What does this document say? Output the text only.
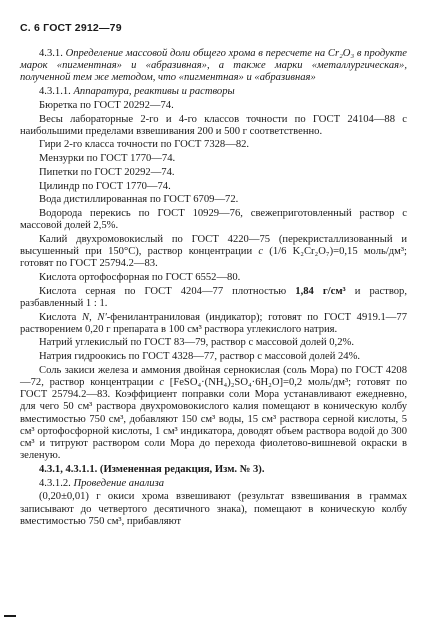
С. 6 ГОСТ 2912—79

4.3.1. Определение массовой доли общего хрома в пересчете на Cr₂O₃ в продукте марок «пигментная» и «абразивная», а также марки «металлургическая», полученной тем же методом, что «пигментная» и «абразивная»

4.3.1.1. Аппаратура, реактивы и растворы

Бюретка по ГОСТ 20292—74.

Весы лабораторные 2-го и 4-го классов точности по ГОСТ 24104—88 с наибольшими пределами взвешивания 200 и 500 г соответственно.

Гири 2-го класса точности по ГОСТ 7328—82.

Мензурки по ГОСТ 1770—74.

Пипетки по ГОСТ 20292—74.

Цилиндр по ГОСТ 1770—74.

Вода дистиллированная по ГОСТ 6709—72.

Водорода перекись по ГОСТ 10929—76, свежеприготовленный раствор с массовой долей 2,5%.

Калий двухромовокислый по ГОСТ 4220—75 (перекристаллизованный и высушенный при 150°С), раствор концентрации с (1/6 K₂Cr₂O₇)=0,15 моль/дм³; готовят по ГОСТ 25794.2—83.

Кислота ортофосфорная по ГОСТ 6552—80.

Кислота серная по ГОСТ 4204—77 плотностью 1,84 г/см³ и раствор, разбавленный 1 : 1.

Кислота N, N'-фенилантраниловая (индикатор); готовят по ГОСТ 4919.1—77 растворением 0,20 г препарата в 100 см³ раствора углекислого натрия.

Натрий углекислый по ГОСТ 83—79, раствор с массовой долей 0,2%.

Натрия гидроокись по ГОСТ 4328—77, раствор с массовой долей 24%.

Соль закиси железа и аммония двойная сернокислая (соль Мора) по ГОСТ 4208—72, раствор концентрации с [FeSO₄·(NH₄)₂SO₄·6H₂O]=0,2 моль/дм³; готовят по ГОСТ 25794.2—83. Коэффициент поправки соли Мора устанавливают ежедневно, для чего 50 см³ раствора двухромовокислого калия помещают в коническую колбу вместимостью 750 см³, добавляют 150 см³ воды, 15 см³ раствора серной кислоты, 5 см³ ортофосфорной кислоты, 1 см³ индикатора, доводят объем раствора водой до 300 см³ и титруют раствором соли Мора до перехода фиолетово-вишневой окраски в зеленую.

4.3.1, 4.3.1.1. (Измененная редакция, Изм. № 3).

4.3.1.2. Проведение анализа

(0,20±0,01) г окиси хрома взвешивают (результат взвешивания в граммах записывают до четвертого десятичного знака), помещают в коническую колбу вместимостью 750 см³, прибавляют
